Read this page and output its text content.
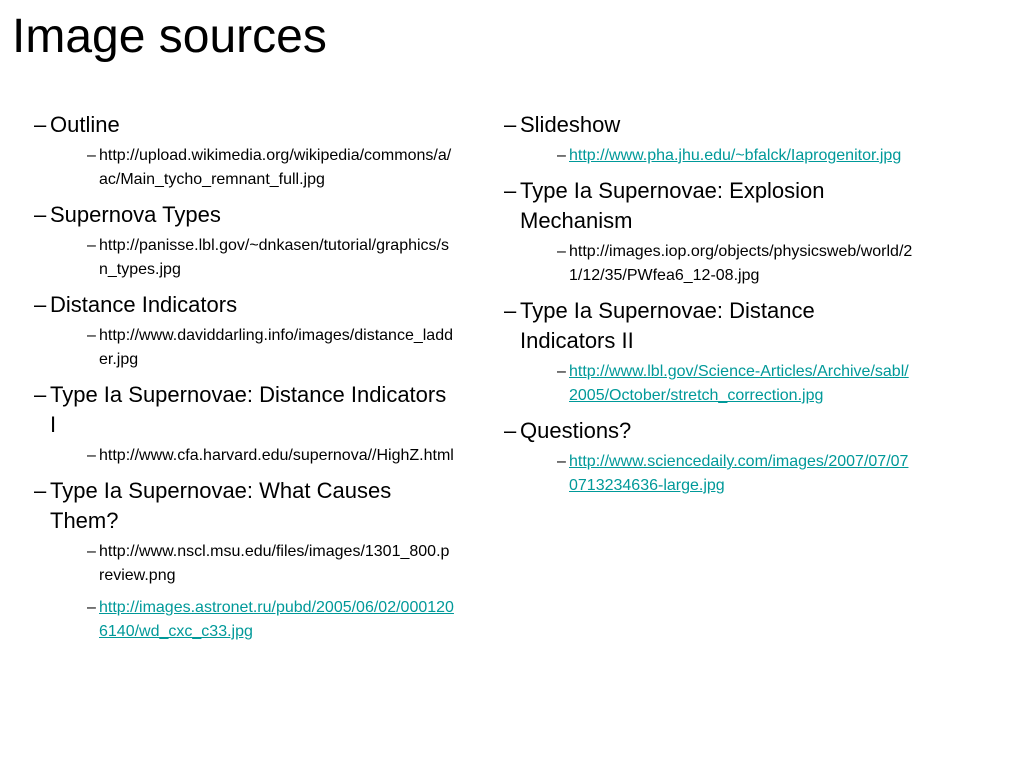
Image sources
– Outline
– http://upload.wikimedia.org/wikipedia/commons/a/ac/Main_tycho_remnant_full.jpg
– Supernova Types
– http://panisse.lbl.gov/~dnkasen/tutorial/graphics/sn_types.jpg
– Distance Indicators
– http://www.daviddarling.info/images/distance_ladder.jpg
– Type Ia Supernovae: Distance Indicators I
– http://www.cfa.harvard.edu/supernova//HighZ.html
– Type Ia Supernovae: What Causes Them?
– http://www.nscl.msu.edu/files/images/1301_800.preview.png
– http://images.astronet.ru/pubd/2005/06/02/0001206140/wd_cxc_c33.jpg
– Slideshow
– http://www.pha.jhu.edu/~bfalck/Iaprogenitor.jpg
– Type Ia Supernovae: Explosion Mechanism
– http://images.iop.org/objects/physicsweb/world/21/12/35/PWfea6_12-08.jpg
– Type Ia Supernovae: Distance Indicators II
– http://www.lbl.gov/Science-Articles/Archive/sabl/2005/October/stretch_correction.jpg
– Questions?
– http://www.sciencedaily.com/images/2007/07/070713234636-large.jpg
